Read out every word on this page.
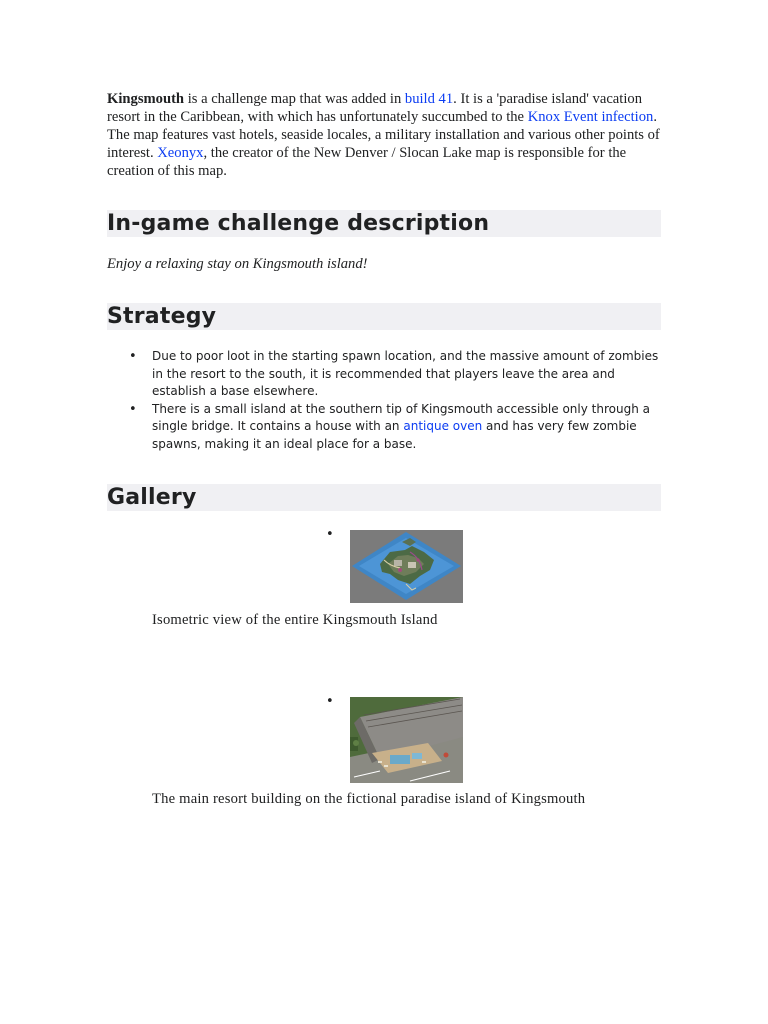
Kingsmouth is a challenge map that was added in build 41. It is a 'paradise island' vacation resort in the Caribbean, with which has unfortunately succumbed to the Knox Event infection. The map features vast hotels, seaside locales, a military installation and various other points of interest. Xeonyx, the creator of the New Denver / Slocan Lake map is responsible for the creation of this map.

In-game challenge description

Enjoy a relaxing stay on Kingsmouth island!

Strategy
• Due to poor loot in the starting spawn location, and the massive amount of zombies in the resort to the south, it is recommended that players leave the area and establish a base elsewhere.
• There is a small island at the southern tip of Kingsmouth accessible only through a single bridge. It contains a house with an antique oven and has very few zombie spawns, making it an ideal place for a base.
Gallery
•
Isometric view of the entire Kingsmouth Island
•
The main resort building on the fictional paradise island of Kingsmouth
